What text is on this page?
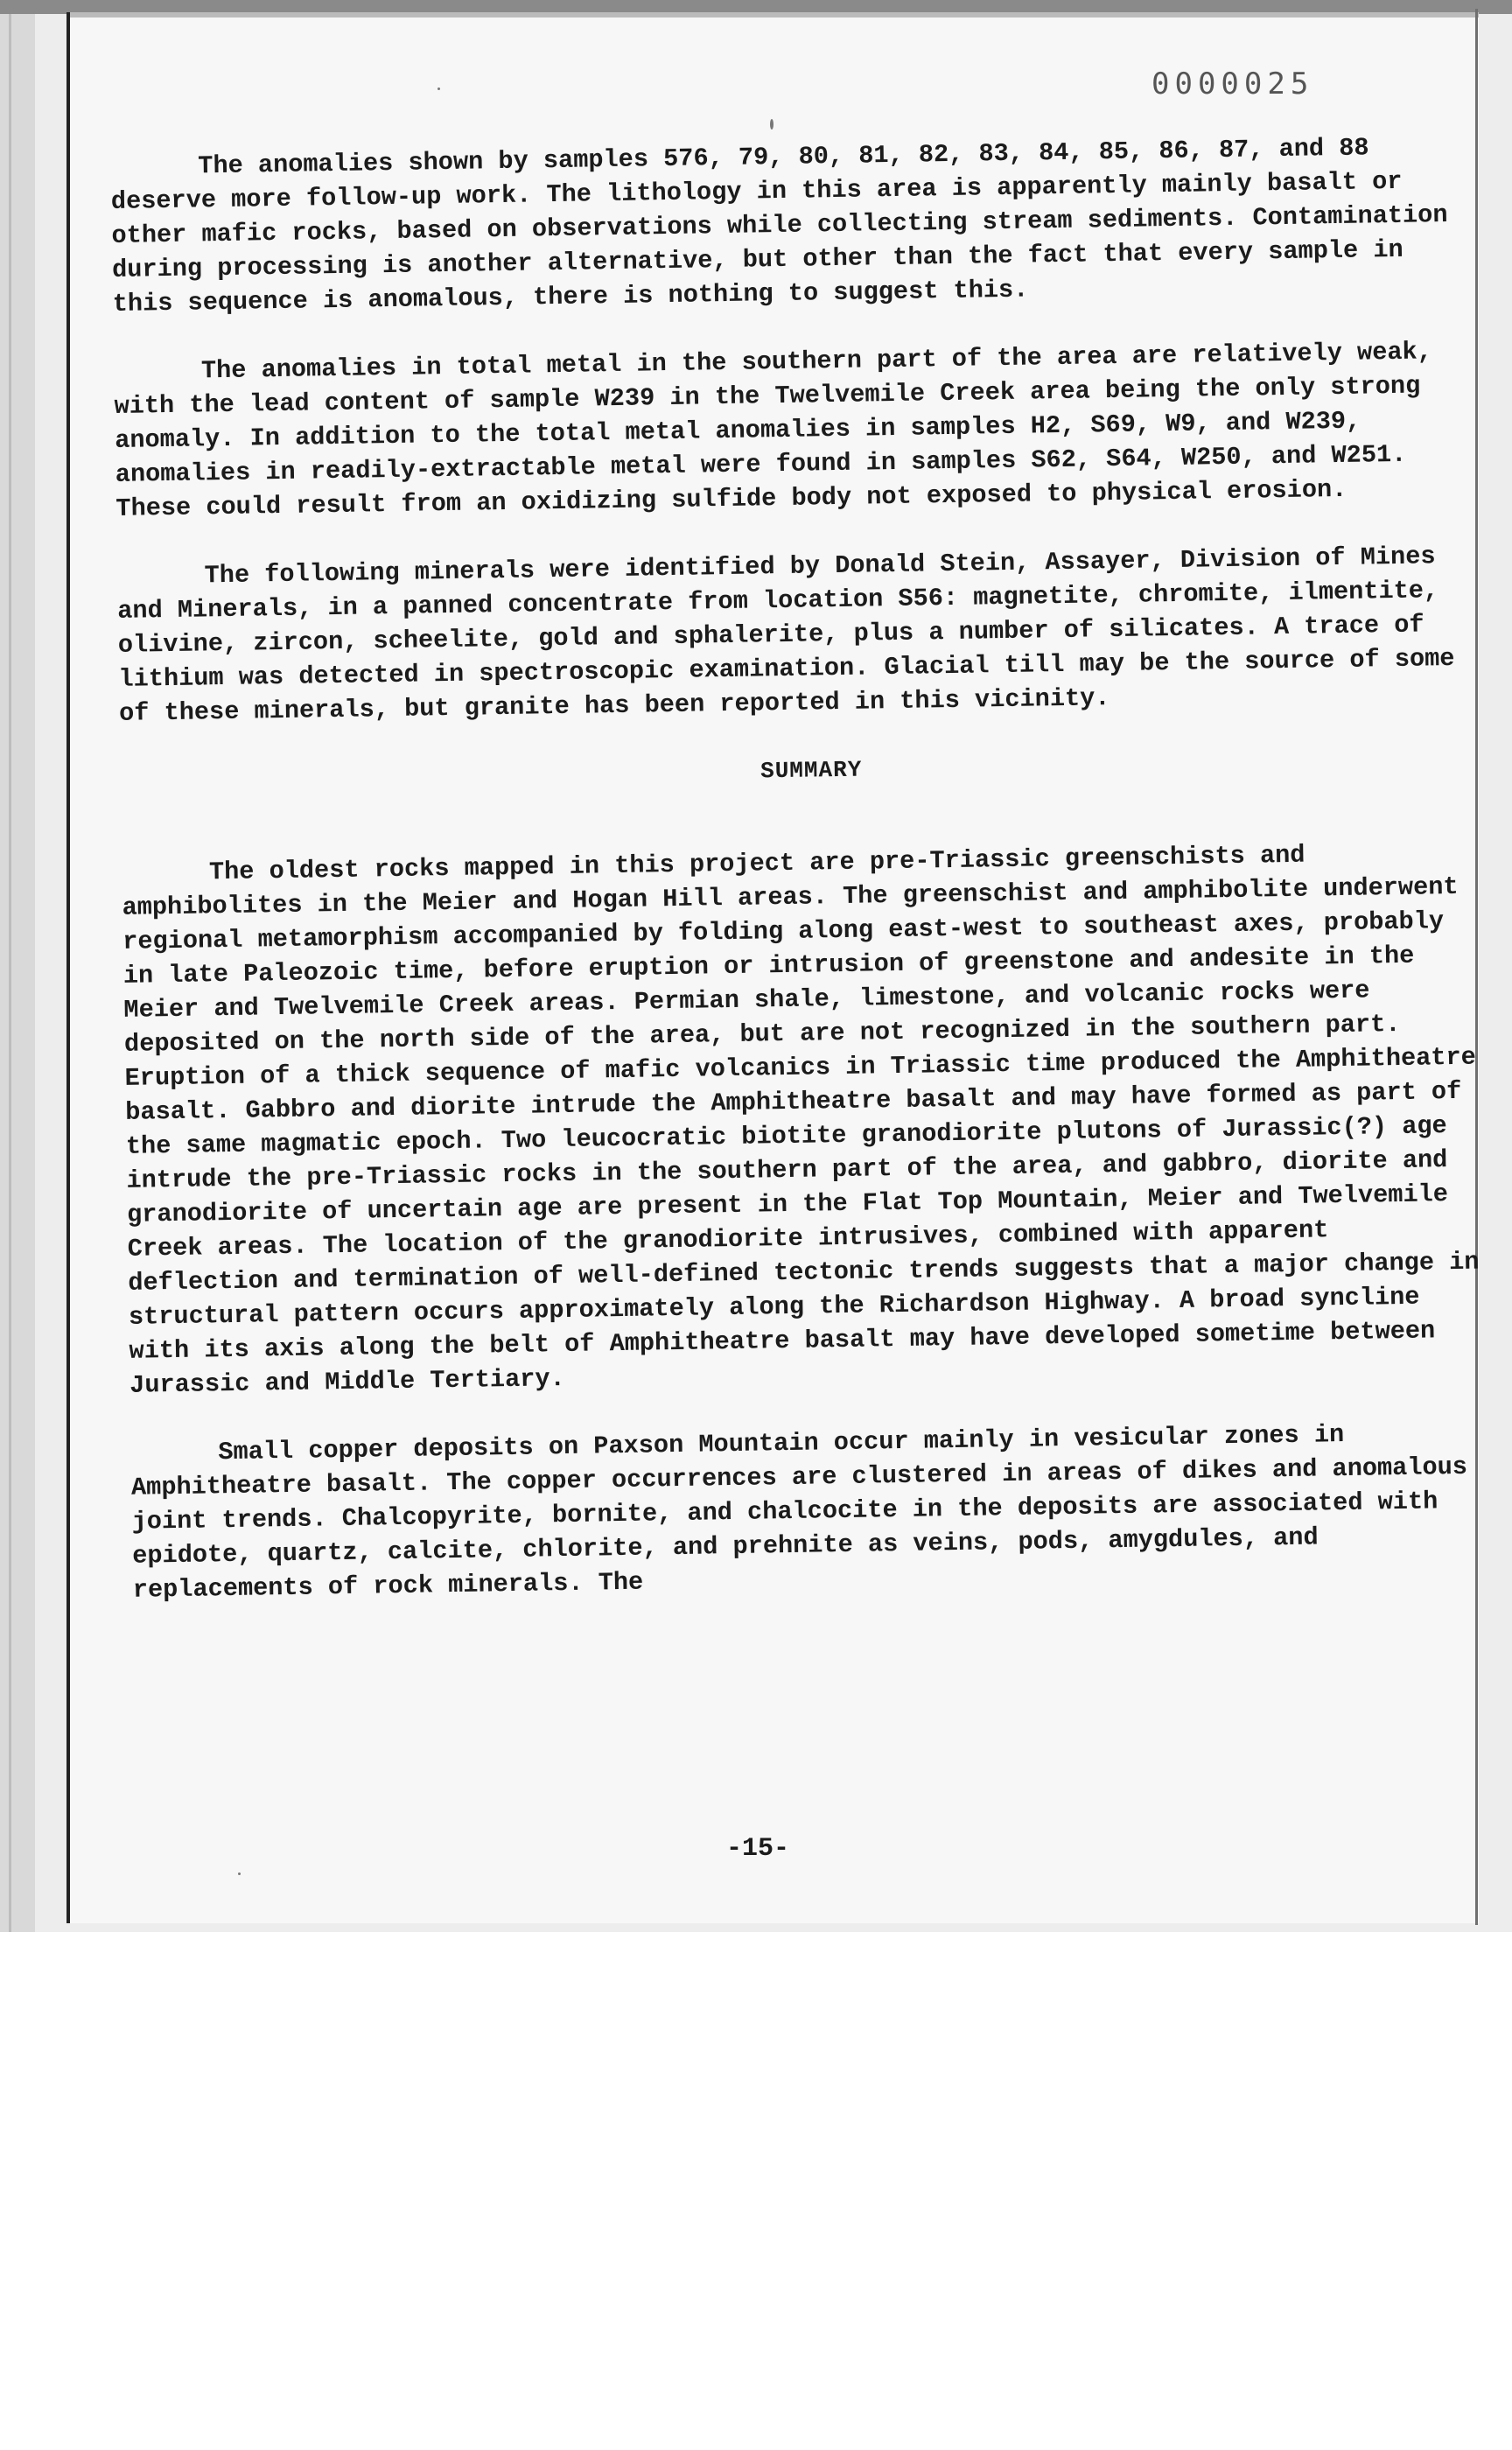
0000025

The anomalies shown by samples 576, 79, 80, 81, 82, 83, 84, 85, 86, 87, and 88 deserve more follow-up work. The lithology in this area is apparently mainly basalt or other mafic rocks, based on observations while collecting stream sediments. Contamination during processing is another alternative, but other than the fact that every sample in this sequence is anomalous, there is nothing to suggest this.

The anomalies in total metal in the southern part of the area are relatively weak, with the lead content of sample W239 in the Twelvemile Creek area being the only strong anomaly. In addition to the total metal anomalies in samples H2, S69, W9, and W239, anomalies in readily-extractable metal were found in samples S62, S64, W250, and W251. These could result from an oxidizing sulfide body not exposed to physical erosion.

The following minerals were identified by Donald Stein, Assayer, Division of Mines and Minerals, in a panned concentrate from location S56: magnetite, chromite, ilmentite, olivine, zircon, scheelite, gold and sphalerite, plus a number of silicates. A trace of lithium was detected in spectroscopic examination. Glacial till may be the source of some of these minerals, but granite has been reported in this vicinity.

SUMMARY

The oldest rocks mapped in this project are pre-Triassic greenschists and amphibolites in the Meier and Hogan Hill areas. The greenschist and amphibolite underwent regional metamorphism accompanied by folding along east-west to southeast axes, probably in late Paleozoic time, before eruption or intrusion of greenstone and andesite in the Meier and Twelvemile Creek areas. Permian shale, limestone, and volcanic rocks were deposited on the north side of the area, but are not recognized in the southern part. Eruption of a thick sequence of mafic volcanics in Triassic time produced the Amphitheatre basalt. Gabbro and diorite intrude the Amphitheatre basalt and may have formed as part of the same magmatic epoch. Two leucocratic biotite granodiorite plutons of Jurassic(?) age intrude the pre-Triassic rocks in the southern part of the area, and gabbro, diorite and granodiorite of uncertain age are present in the Flat Top Mountain, Meier and Twelvemile Creek areas. The location of the granodiorite intrusives, combined with apparent deflection and termination of well-defined tectonic trends suggests that a major change in structural pattern occurs approximately along the Richardson Highway. A broad syncline with its axis along the belt of Amphitheatre basalt may have developed sometime between Jurassic and Middle Tertiary.

Small copper deposits on Paxson Mountain occur mainly in vesicular zones in Amphitheatre basalt. The copper occurrences are clustered in areas of dikes and anomalous joint trends. Chalcopyrite, bornite, and chalcocite in the deposits are associated with epidote, quartz, calcite, chlorite, and prehnite as veins, pods, amygdules, and replacements of rock minerals. The

-15-
